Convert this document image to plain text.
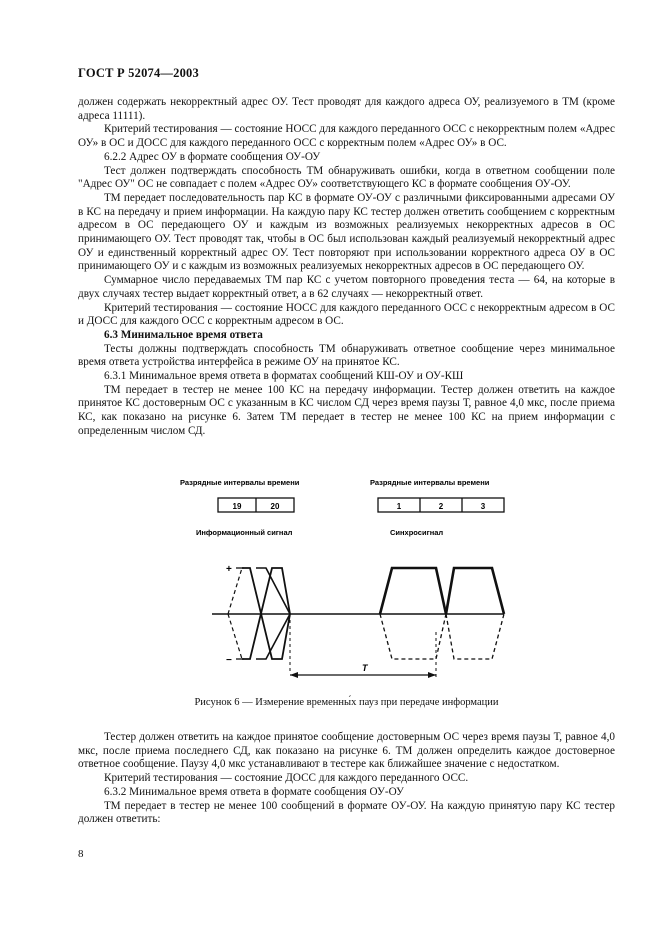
ГОСТ Р 52074—2003

должен содержать некорректный адрес ОУ. Тест проводят для каждого адреса ОУ, реализуемого в ТМ (кроме адреса 11111).

Критерий тестирования — состояние НОСС для каждого переданного ОСС с некорректным полем «Адрес ОУ» в ОС и ДОСС для каждого переданного ОСС с корректным полем «Адрес ОУ» в ОС.

6.2.2 Адрес ОУ в формате сообщения ОУ-ОУ

Тест должен подтверждать способность ТМ обнаруживать ошибки, когда в ответном сообщении поле "Адрес ОУ" ОС не совпадает с полем «Адрес ОУ» соответствующего КС в формате сообщения ОУ-ОУ.

ТМ передает последовательность пар КС в формате ОУ-ОУ с различными фиксированными адресами ОУ в КС на передачу и прием информации. На каждую пару КС тестер должен ответить сообщением с корректным адресом в ОС передающего ОУ и каждым из возможных реализуемых некорректных адресов в ОС принимающего ОУ. Тест проводят так, чтобы в ОС был использован каждый реализуемый некорректный адрес ОУ и единственный корректный адрес ОУ. Тест повторяют при использовании корректного адреса ОУ в ОС принимающего ОУ и с каждым из возможных реализуемых некорректных адресов в ОС передающего ОУ.

Суммарное число передаваемых ТМ пар КС с учетом повторного проведения теста — 64, на которые в двух случаях тестер выдает корректный ответ, а в 62 случаях — некорректный ответ.

Критерий тестирования — состояние НОСС для каждого переданного ОСС с некорректным адресом в ОС и ДОСС для каждого ОСС с корректным адресом в ОС.

6.3 Минимальное время ответа

Тесты должны подтверждать способность ТМ обнаруживать ответное сообщение через минимальное время ответа устройства интерфейса в режиме ОУ на принятое КС.

6.3.1 Минимальное время ответа в форматах сообщений КШ-ОУ и ОУ-КШ

ТМ передает в тестер не менее 100 КС на передачу информации. Тестер должен ответить на каждое принятое КС достоверным ОС с указанным в КС числом СД через время паузы Т, равное 4,0 мкс, после приема КС, как показано на рисунке 6. Затем ТМ передает в тестер не менее 100 КС на прием информации с определенным числом СД.

Разрядные интервалы времени	Разрядные интервалы времени
19	20	1	2	3
Информационный сигнал	Синхросигнал
+
−
T
Рисунок 6 — Измерение временны́х пауз при передаче информации

Тестер должен ответить на каждое принятое сообщение достоверным ОС через время паузы Т, равное 4,0 мкс, после приема последнего СД, как показано на рисунке 6. ТМ должен определить каждое достоверное ответное сообщение. Паузу 4,0 мкс устанавливают в тестере как ближайшее значение с недостатком.

Критерий тестирования — состояние ДОСС для каждого переданного ОСС.

6.3.2 Минимальное время ответа в формате сообщения ОУ-ОУ

ТМ передает в тестер не менее 100 сообщений в формате ОУ-ОУ. На каждую принятую пару КС тестер должен ответить:

8
